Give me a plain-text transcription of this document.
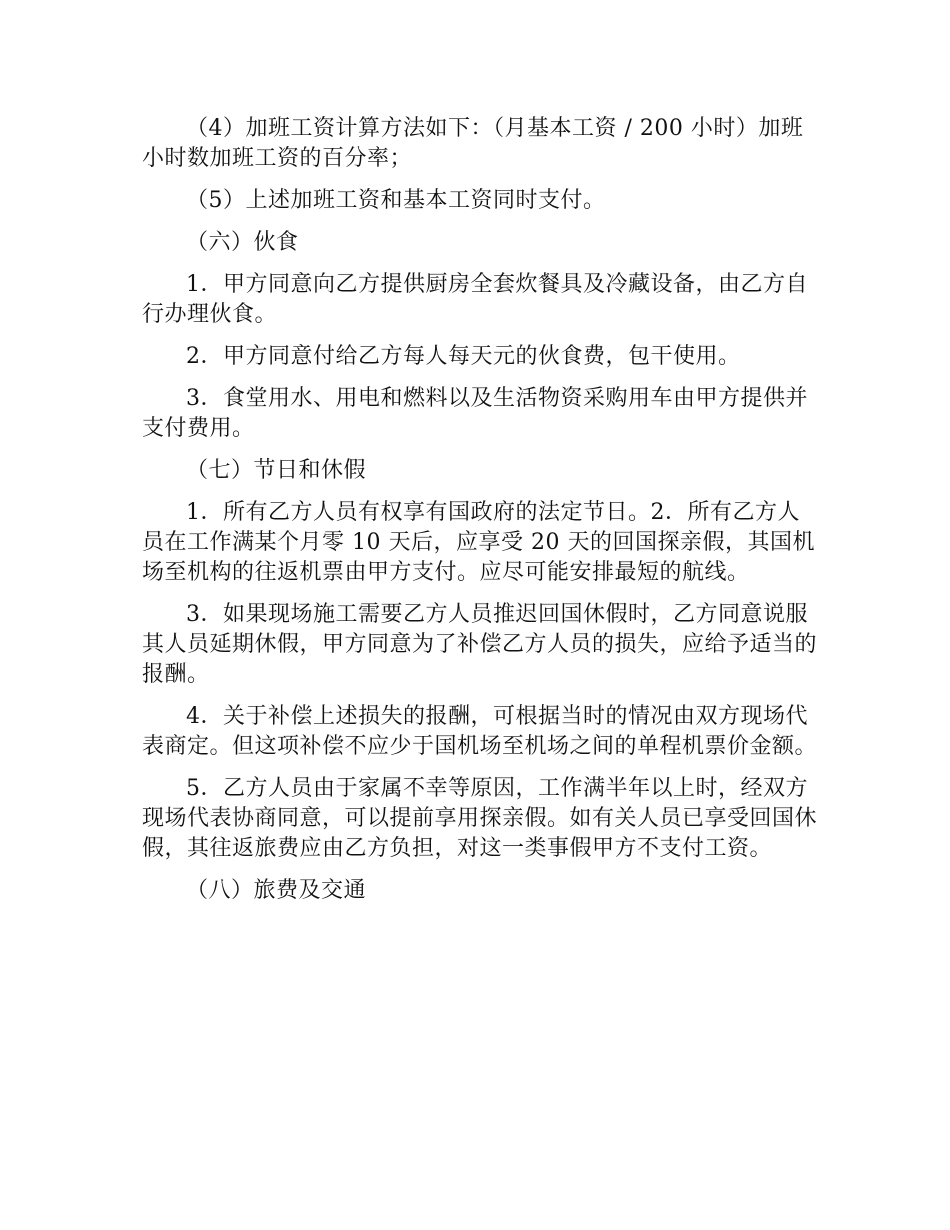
（4）加班工资计算方法如下：（月基本工资 / 200 小时）加班小时数加班工资的百分率；

（5）上述加班工资和基本工资同时支付。

（六）伙食

1．甲方同意向乙方提供厨房全套炊餐具及冷藏设备，由乙方自行办理伙食。

2．甲方同意付给乙方每人每天元的伙食费，包干使用。

3．食堂用水、用电和燃料以及生活物资采购用车由甲方提供并支付费用。

（七）节日和休假

1．所有乙方人员有权享有国政府的法定节日。2．所有乙方人员在工作满某个月零 10 天后，应享受 20 天的回国探亲假，其国机场至机构的往返机票由甲方支付。应尽可能安排最短的航线。

3．如果现场施工需要乙方人员推迟回国休假时，乙方同意说服其人员延期休假，甲方同意为了补偿乙方人员的损失，应给予适当的报酬。

4．关于补偿上述损失的报酬，可根据当时的情况由双方现场代表商定。但这项补偿不应少于国机场至机场之间的单程机票价金额。

5．乙方人员由于家属不幸等原因，工作满半年以上时，经双方现场代表协商同意，可以提前享用探亲假。如有关人员已享受回国休假，其往返旅费应由乙方负担，对这一类事假甲方不支付工资。

（八）旅费及交通
